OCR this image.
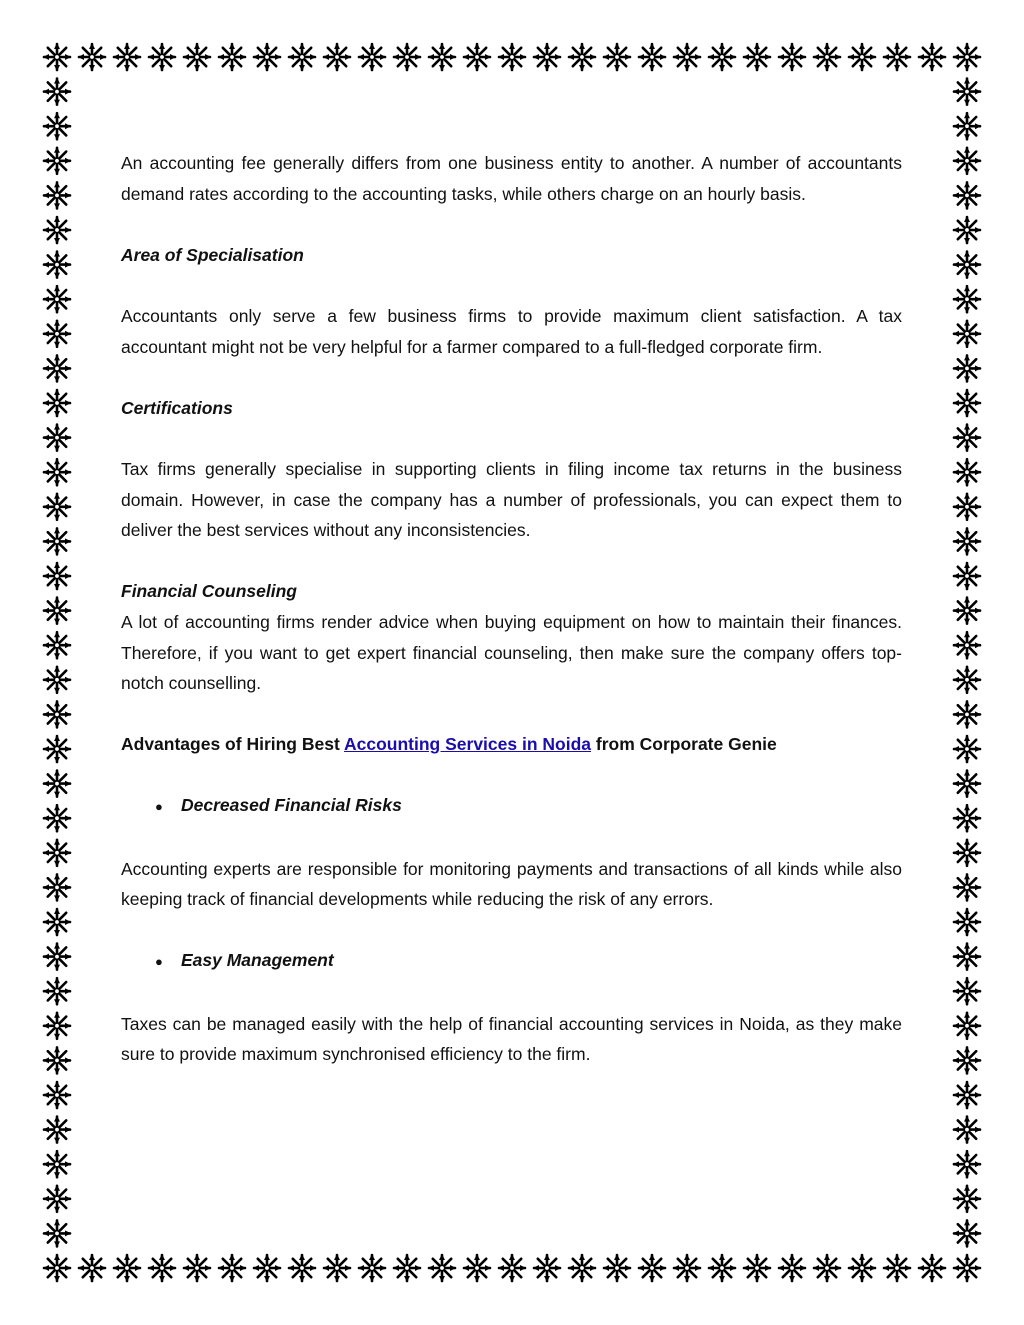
An accounting fee generally differs from one business entity to another. A number of accountants demand rates according to the accounting tasks, while others charge on an hourly basis.

Area of Specialisation

Accountants only serve a few business firms to provide maximum client satisfaction. A tax accountant might not be very helpful for a farmer compared to a full-fledged corporate firm.

Certifications

Tax firms generally specialise in supporting clients in filing income tax returns in the business domain. However, in case the company has a number of professionals, you can expect them to deliver the best services without any inconsistencies.

Financial Counseling

A lot of accounting firms render advice when buying equipment on how to maintain their finances. Therefore, if you want to get expert financial counseling, then make sure the company offers top-notch counselling.

Advantages of Hiring Best Accounting Services in Noida from Corporate Genie

●	Decreased Financial Risks

Accounting experts are responsible for monitoring payments and transactions of all kinds while also keeping track of financial developments while reducing the risk of any errors.

●	Easy Management

Taxes can be managed easily with the help of financial accounting services in Noida, as they make sure to provide maximum synchronised efficiency to the firm.
